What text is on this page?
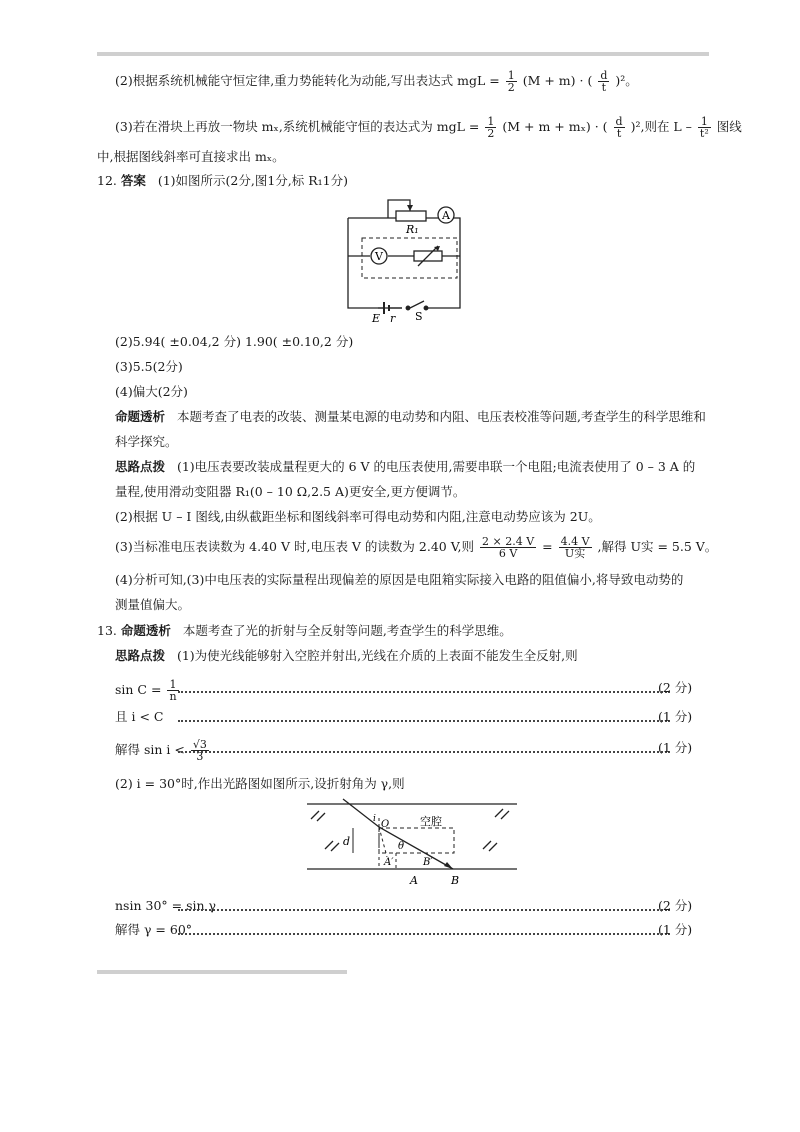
(2)根据系统机械能守恒定律,重力势能转化为动能,写出表达式 mgL = $\frac{1}{2} (M + m)$ · ( $\frac{d}{t} )^2$。
(3)若在滑块上再放一物块 mₓ,系统机械能守恒的表达式为 mgL = $\frac{1}{2} (M + m + m_x)$ · ( $\frac{d}{t} )^2$,则在 L – $\frac{1}{\text{t²}}$ 图线
中,根据图线斜率可直接求出 mₓ。
12. 答案 (1)如图所示(2分,图1分,标 R₁1分)
A
V
R₁
E r S
(2)5.94( ±0.04,2 分) 1.90( ±0.10,2 分)
(3)5.5(2分)
(4)偏大(2分)
命题透析 本题考查了电表的改装、测量某电源的电动势和内阻、电压表校准等问题,考查学生的科学思维和
科学探究。
思路点拨 (1)电压表要改装成量程更大的 6 V 的电压表使用,需要串联一个电阻;电流表使用了 0 – 3 A 的
量程,使用滑动变阻器 R₁(0 – 10 Ω,2.5 A)更安全,更方便调节。
(2)根据 U – I 图线,由纵截距坐标和图线斜率可得电动势和内阻,注意电动势应该为 2U。
(3)当标准电压表读数为 4.40 V 时,电压表 V 的读数为 2.40 V,则 $\frac{2 \times 2.4 V}{6 V} = \frac{4.4 V}{\text{U实}}$ ,解得 U实 = 5.5 V。
(4)分析可知,(3)中电压表的实际量程出现偏差的原因是电阻箱实际接入电路的阻值偏小,将导致电动势的
测量值偏大。
13. 命题透析 本题考查了光的折射与全反射等问题,考查学生的科学思维。
思路点拨 (1)为使光线能够射入空腔并射出,光线在介质的上表面不能发生全反射,则
$\sin C = \frac{1}{n}$	(2 分)
且 i < C	(1 分)
解得 $\sin i < \frac{√3}{3}$	(1 分)
(2) i = 30°时,作出光路图如图所示,设折射角为 γ,则
O
i	空腔
d	θ
A′	B′
A	B
nsin 30° = sin γ	(2 分)
解得 γ = 60°	(1 分)
